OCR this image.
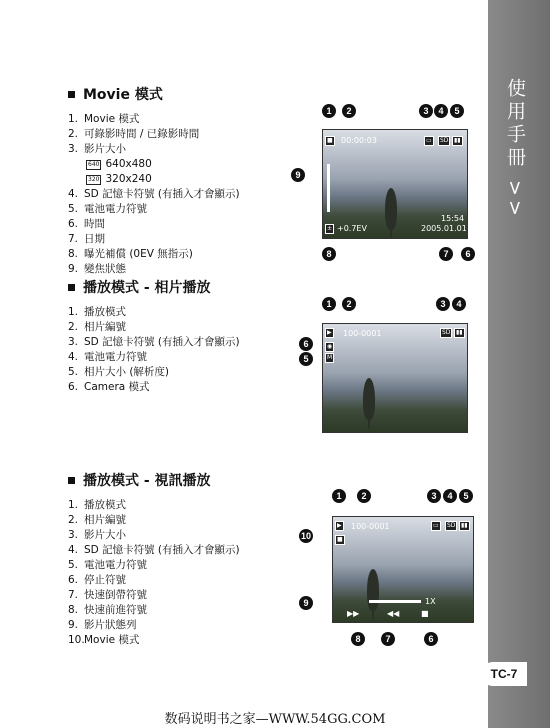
使用手冊 >>
TC-7
Movie 模式
1. Movie 模式
2. 可錄影時間 / 已錄影時間
3. 影片大小
640 640x480
320 320x240
4. SD 記憶卡符號 (有插入才會顯示)
5. 電池電力符號
6. 時間
7. 日期
8. 曝光補償 (0EV 無指示)
9. 變焦狀態
■ 00:00:03	▭	SD ▮▮
15:54
2005.01.01
± +0.7EV
1	2	3	4	5
9
8	7	6
播放模式 - 相片播放
1. 播放模式
2. 相片編號
3. SD 記憶卡符號 (有插入才會顯示)
4. 電池電力符號
5. 相片大小 (解析度)
6. Camera 模式
▶ 100-0001	SD ▮▮
◉
M
1	2	3	4
6
5
播放模式 - 視訊播放
1. 播放模式
2. 相片編號
3. 影片大小
4. SD 記憶卡符號 (有插入才會顯示)
5. 電池電力符號
6. 停止符號
7. 快速倒帶符號
8. 快速前進符號
9. 影片狀態列
10. Movie 模式
▶ 100-0001	▭	SD ▮▮
■
1X
▶▶	◀◀	■
1	2	3	4	5
10
9
8	7	6
数码说明书之家—WWW.54GG.COM
